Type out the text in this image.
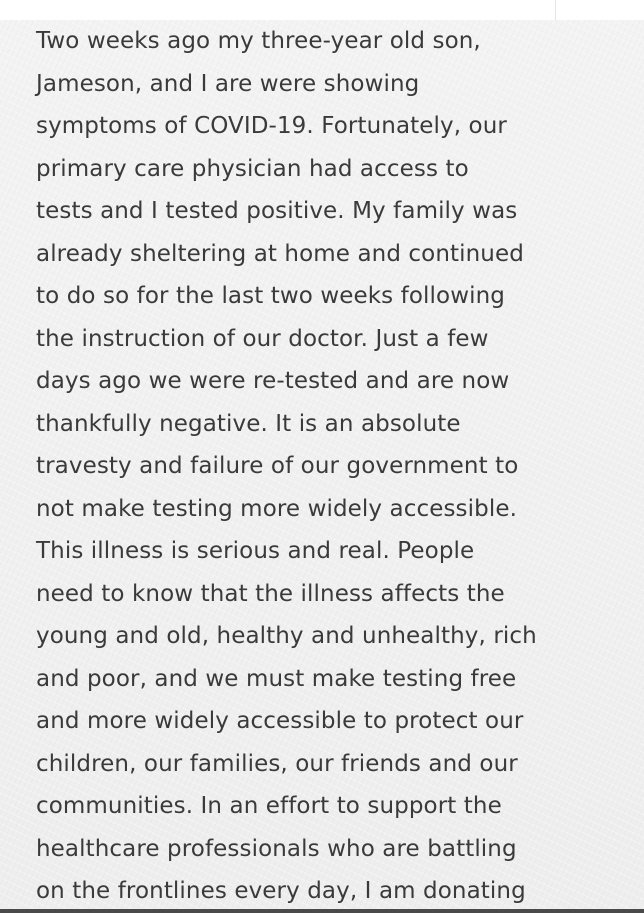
Two weeks ago my three-year old son,
Jameson, and I are were showing
symptoms of COVID-19. Fortunately, our
primary care physician had access to
tests and I tested positive. My family was
already sheltering at home and continued
to do so for the last two weeks following
the instruction of our doctor. Just a few
days ago we were re-tested and are now
thankfully negative. It is an absolute
travesty and failure of our government to
not make testing more widely accessible.
This illness is serious and real. People
need to know that the illness affects the
young and old, healthy and unhealthy, rich
and poor, and we must make testing free
and more widely accessible to protect our
children, our families, our friends and our
communities. In an effort to support the
healthcare professionals who are battling
on the frontlines every day, I am donating
